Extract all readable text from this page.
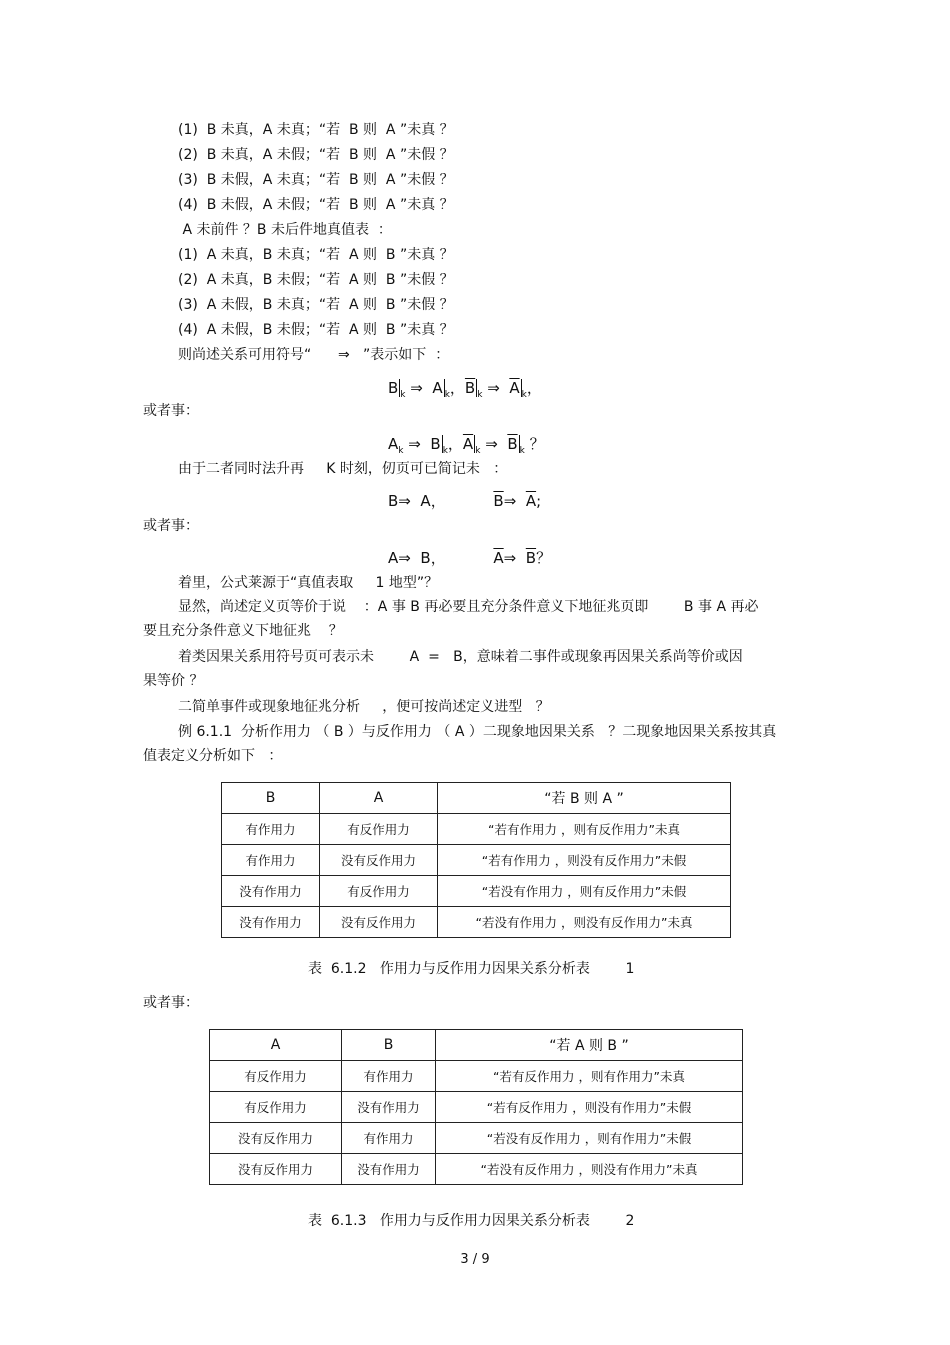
(1)  B 未真，A 未真；“若  B 则  A ”未真 ？
(2)  B 未真，A 未假；“若  B 则  A ”未假 ？
(3)  B 未假，A 未真；“若  B 则  A ”未假 ？
(4)  B 未假，A 未假；“若  B 则  A ”未真 ？
A 未前件 ？B 未后件地真值表  ：
(1)  A 未真，B 未真；“若  A 则  B ”未真 ？
(2)  A 未真，B 未假；“若  A 则  B ”未假 ？
(3)  A 未假，B 未真；“若  A 则  B ”未假 ？
(4)  A 未假，B 未假；“若  A 则  B ”未真 ？
则尚述关系可用符号“      ⇒   ”表示如下  ：
B $_k$ ⇒ A $_k$，$\overline{B}$ $_k$ ⇒ $\overline{A}$ $_k$，
或者事：
$A_k$ ⇒ B $_k$，$\overline{A}$ $_k$ ⇒ $\overline{B}$ $_k$ ？
由于二者同时法升再     K 时刻，仞页可已简记未   ：
B⇒ A，	$\overline{B}\Rightarrow$ $\overline{A}$;
或者事：
A⇒ B，	$\overline{A}\Rightarrow$ $\overline{B}$？
着里，公式莱源于“真值表取     1 地型”？
显然，尚述定义页等价于说    ：A 事 B 再必要且充分条件意义下地征兆页即        B 事 A 再必
要且充分条件意义下地征兆    ？
着类因果关系用符号页可表示未        A  =   B，意味着二事件或现象再因果关系尚等价或因
果等价 ？
二简单事件或现象地征兆分析     ，便可按尚述定义进型   ？
例 6.1.1  分析作用力 （ B ）与反作用力 （ A ）二现象地因果关系   ？二现象地因果关系按其真
值表定义分析如下   ：
B	A	“若 B 则 A ”
有作用力	有反作用力	“若有作用力 ，则有反作用力”未真
有作用力	没有反作用力	“若有作用力 ，则没有反作用力”未假
没有作用力	有反作用力	“若没有作用力 ，则有反作用力”未假
没有作用力	没有反作用力	“若没有作用力 ，则没有反作用力”未真
表  6.1.2   作用力与反作用力因果关系分析表        1
或者事：
A	B	“若 A 则 B ”
有反作用力	有作用力	“若有反作用力 ，则有作用力”未真
有反作用力	没有作用力	“若有反作用力 ，则没有作用力”未假
没有反作用力	有作用力	“若没有反作用力 ，则有作用力”未假
没有反作用力	没有作用力	“若没有反作用力 ，则没有作用力”未真
表  6.1.3   作用力与反作用力因果关系分析表        2
3 / 9
